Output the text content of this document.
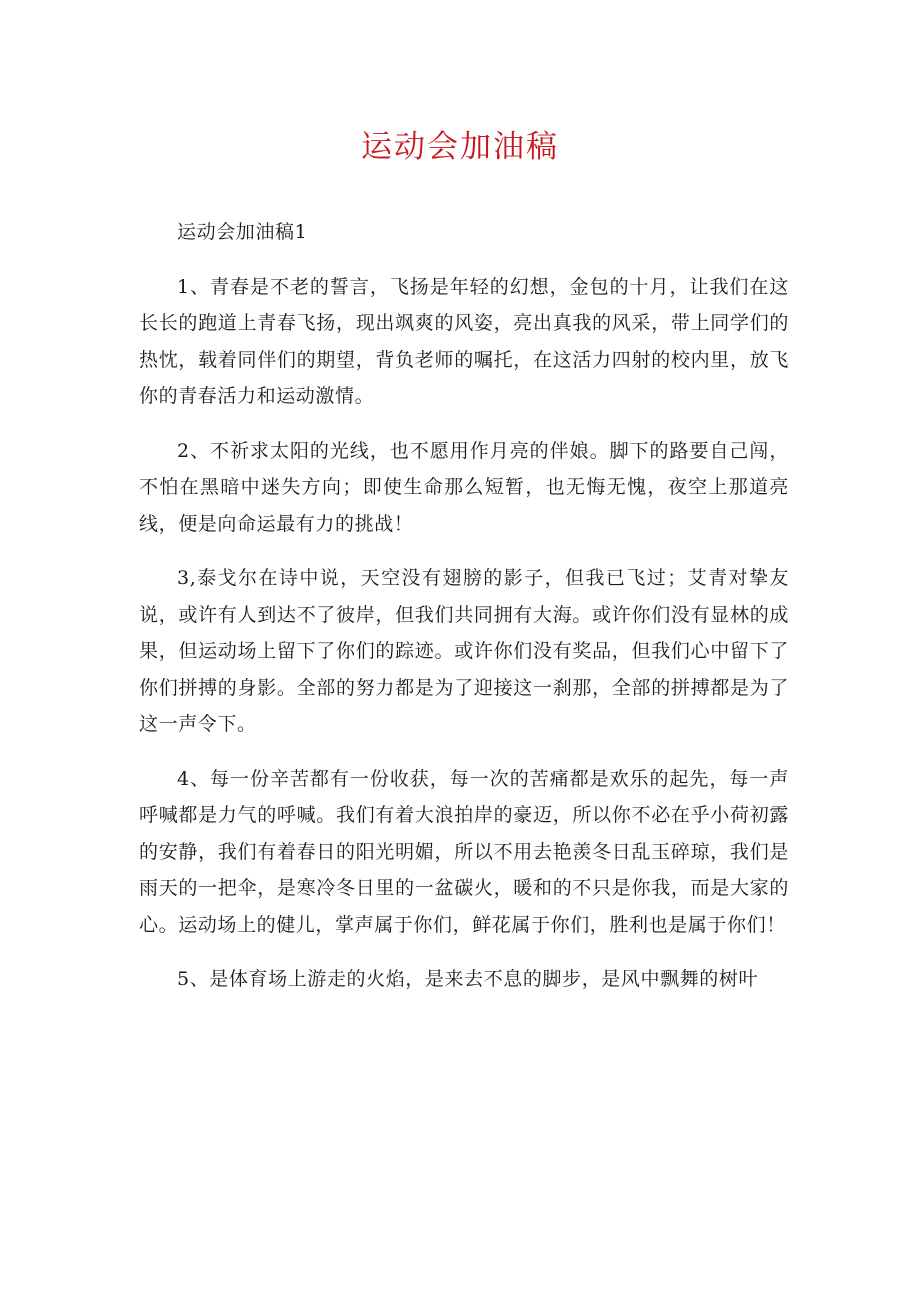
运动会加油稿

运动会加油稿1

1、青春是不老的誓言，飞扬是年轻的幻想，金包的十月，让我们在这长长的跑道上青春飞扬，现出飒爽的风姿，亮出真我的风采，带上同学们的热忱，载着同伴们的期望，背负老师的嘱托，在这活力四射的校内里，放飞你的青春活力和运动激情。

2、不祈求太阳的光线，也不愿用作月亮的伴娘。脚下的路要自己闯，不怕在黑暗中迷失方向；即使生命那么短暂，也无悔无愧，夜空上那道亮线，便是向命运最有力的挑战！

3,泰戈尔在诗中说，天空没有翅膀的影子，但我已飞过；艾青对挚友说，或许有人到达不了彼岸，但我们共同拥有大海。或许你们没有显林的成果，但运动场上留下了你们的踪迹。或许你们没有奖品，但我们心中留下了你们拼搏的身影。全部的努力都是为了迎接这一刹那，全部的拼搏都是为了这一声令下。

4、每一份辛苦都有一份收获，每一次的苦痛都是欢乐的起先，每一声呼喊都是力气的呼喊。我们有着大浪拍岸的豪迈，所以你不必在乎小荷初露的安静，我们有着春日的阳光明媚，所以不用去艳羡冬日乱玉碎琼，我们是雨天的一把伞，是寒冷冬日里的一盆碳火，暖和的不只是你我，而是大家的心。运动场上的健儿，掌声属于你们，鲜花属于你们，胜利也是属于你们！

5、是体育场上游走的火焰，是来去不息的脚步，是风中飘舞的树叶
